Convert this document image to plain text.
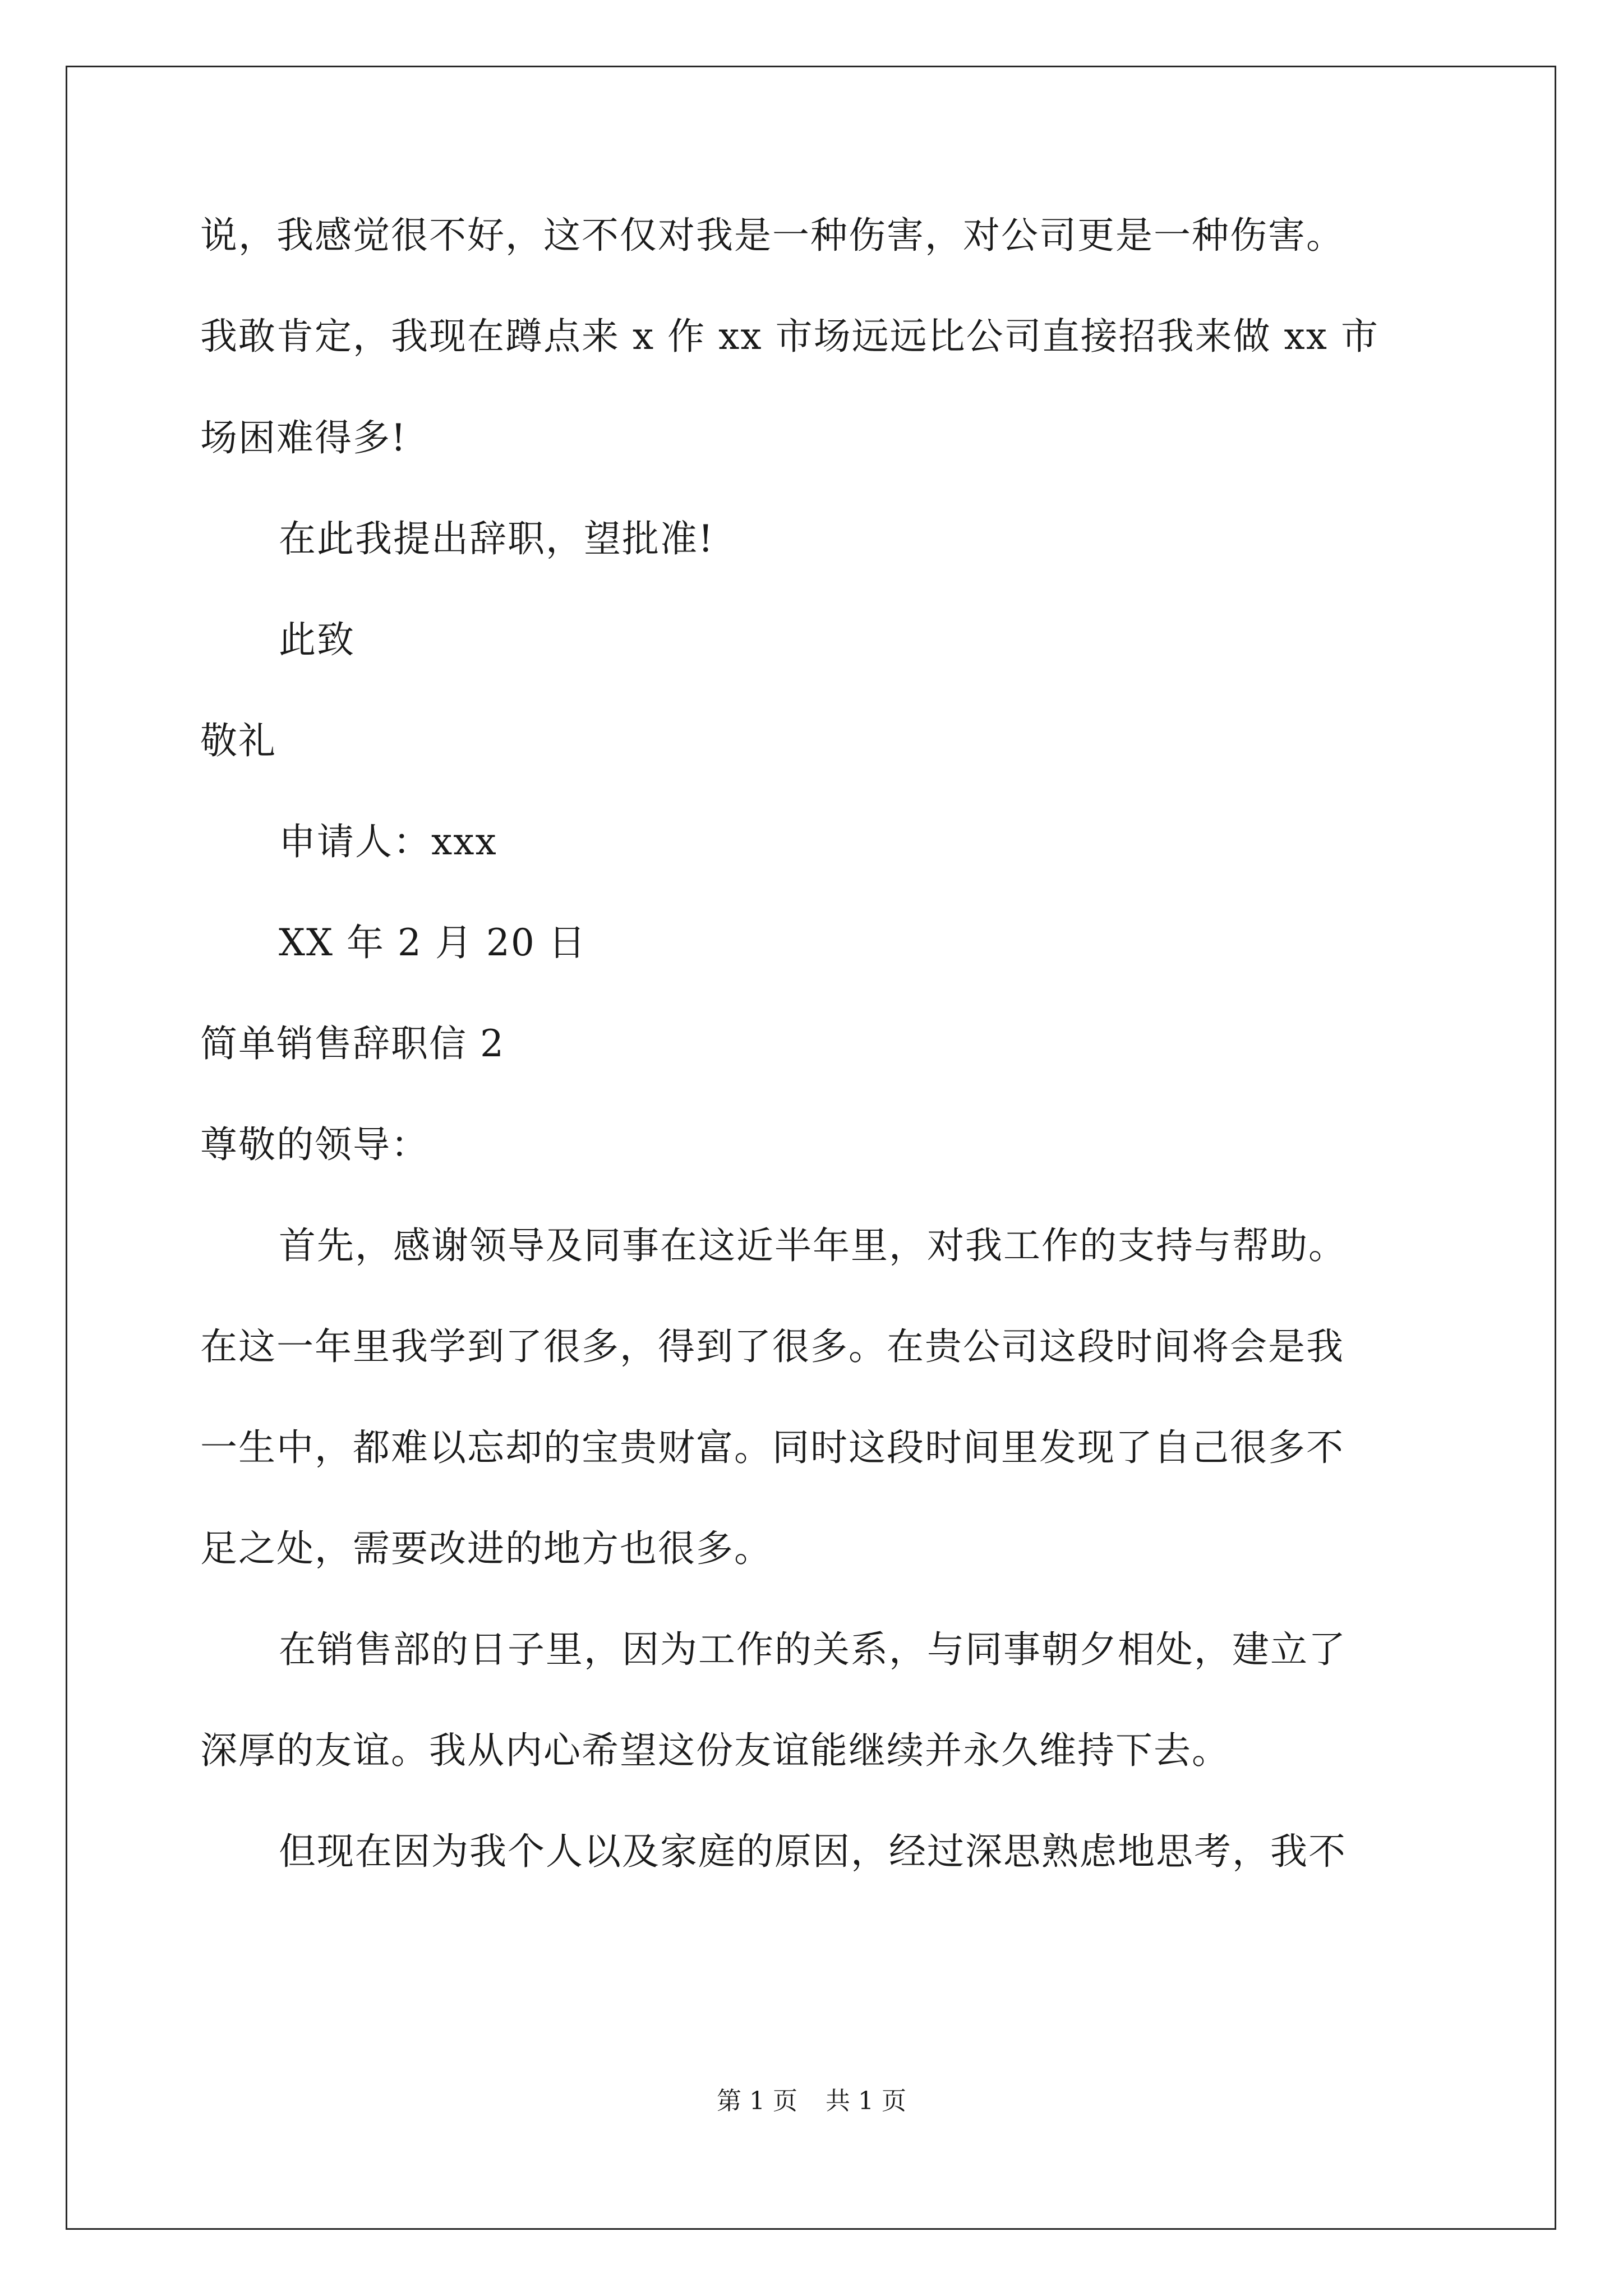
说，我感觉很不好，这不仅对我是一种伤害，对公司更是一种伤害。
我敢肯定，我现在蹲点来 x 作 xx 市场远远比公司直接招我来做 xx 市
场困难得多!
在此我提出辞职，望批准!
此致
敬礼
申请人：xxx
XX 年 2 月 20 日
简单销售辞职信 2
尊敬的领导：
首先，感谢领导及同事在这近半年里，对我工作的支持与帮助。
在这一年里我学到了很多，得到了很多。在贵公司这段时间将会是我
一生中，都难以忘却的宝贵财富。同时这段时间里发现了自己很多不
足之处，需要改进的地方也很多。
在销售部的日子里，因为工作的关系，与同事朝夕相处，建立了
深厚的友谊。我从内心希望这份友谊能继续并永久维持下去。
但现在因为我个人以及家庭的原因，经过深思熟虑地思考，我不
第 1 页 共 1 页
